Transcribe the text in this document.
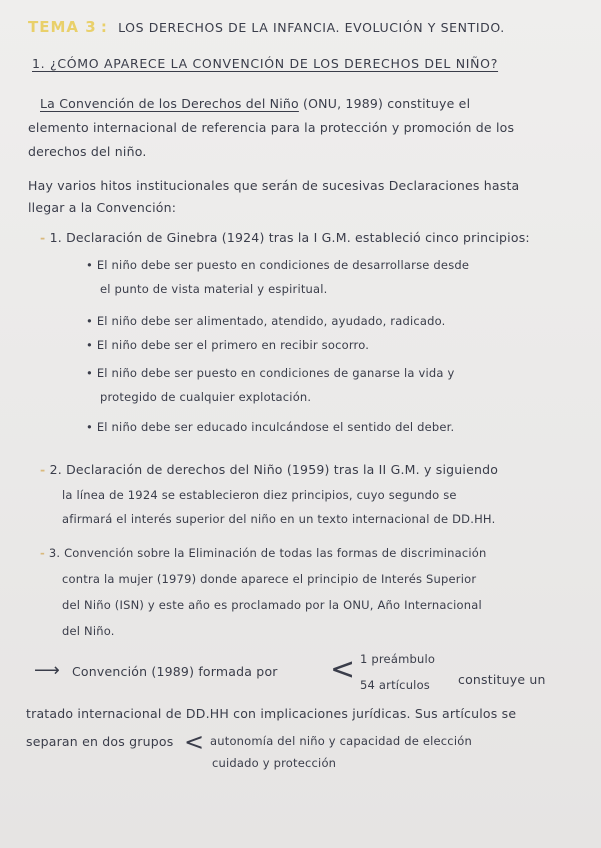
TEMA 3 : LOS DERECHOS DE LA INFANCIA. EVOLUCIÓN Y SENTIDO.
1. ¿CÓMO APARECE LA CONVENCIÓN DE LOS DERECHOS DEL NIÑO?
La Convención de los Derechos del Niño (ONU, 1989) constituye el
elemento internacional de referencia para la protección y promoción de los
derechos del niño.
Hay varios hitos institucionales que serán de sucesivas Declaraciones hasta
llegar a la Convención:
- 1. Declaración de Ginebra (1924) tras la I G.M. estableció cinco principios:
• El niño debe ser puesto en condiciones de desarrollarse desde
el punto de vista material y espiritual.
• El niño debe ser alimentado, atendido, ayudado, radicado.
• El niño debe ser el primero en recibir socorro.
• El niño debe ser puesto en condiciones de ganarse la vida y
protegido de cualquier explotación.
• El niño debe ser educado inculcándose el sentido del deber.
- 2. Declaración de derechos del Niño (1959) tras la II G.M. y siguiendo
la línea de 1924 se establecieron diez principios, cuyo segundo se
afirmará el interés superior del niño en un texto internacional de DD.HH.
- 3. Convención sobre la Eliminación de todas las formas de discriminación
contra la mujer (1979) donde aparece el principio de Interés Superior
del Niño (ISN) y este año es proclamado por la ONU, Año Internacional
del Niño.
⟶ Convención (1989) formada por < 1 preámbulo
54 artículos constituye un
tratado internacional de DD.HH con implicaciones jurídicas. Sus artículos se
separan en dos grupos < autonomía del niño y capacidad de elección
cuidado y protección
